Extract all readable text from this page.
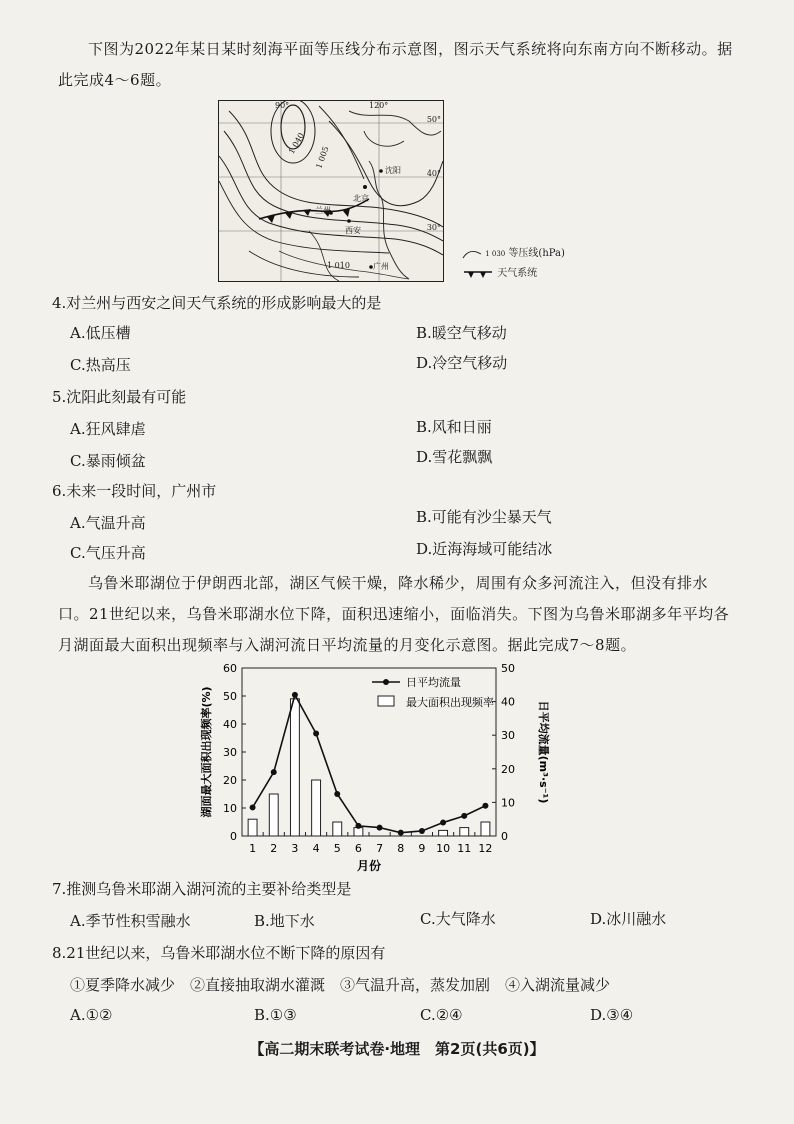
下图为2022年某日某时刻海平面等压线分布示意图，图示天气系统将向东南方向不断移动。据此完成4～6题。

50°
40°
30°
90°	120°
1 040
1 005
1 010
沈阳
北京
兰州
西安
广州
1 030 等压线(hPa)
天气系统

4.对兰州与西安之间天气系统的形成影响最大的是

A.低压槽	B.暖空气移动

C.热高压	D.冷空气移动

5.沈阳此刻最有可能

A.狂风肆虐	B.风和日丽

C.暴雨倾盆	D.雪花飘飘

6.未来一段时间，广州市

A.气温升高	B.可能有沙尘暴天气

C.气压升高	D.近海海域可能结冰

乌鲁米耶湖位于伊朗西北部，湖区气候干燥，降水稀少，周围有众多河流注入，但没有排水口。21世纪以来，乌鲁米耶湖水位下降，面积迅速缩小，面临消失。下图为乌鲁米耶湖多年平均各月湖面最大面积出现频率与入湖河流日平均流量的月变化示意图。据此完成7～8题。

0
10
20
30
40
50
60
0
10
20
30
40
50
1 2 3 4 5 6 7 8 9 10 11 12
日平均流量
最大面积出现频率
月份
湖面最大面积出现频率(%)	日平均流量(m³·s⁻¹)

7.推测乌鲁米耶湖入湖河流的主要补给类型是

A.季节性积雪融水	B.地下水	C.大气降水	D.冰川融水

8.21世纪以来，乌鲁米耶湖水位不断下降的原因有

①夏季降水减少　②直接抽取湖水灌溉　③气温升高，蒸发加剧　④入湖流量减少

A.①②	B.①③	C.②④	D.③④

【高二期末联考试卷·地理　第2页(共6页)】
